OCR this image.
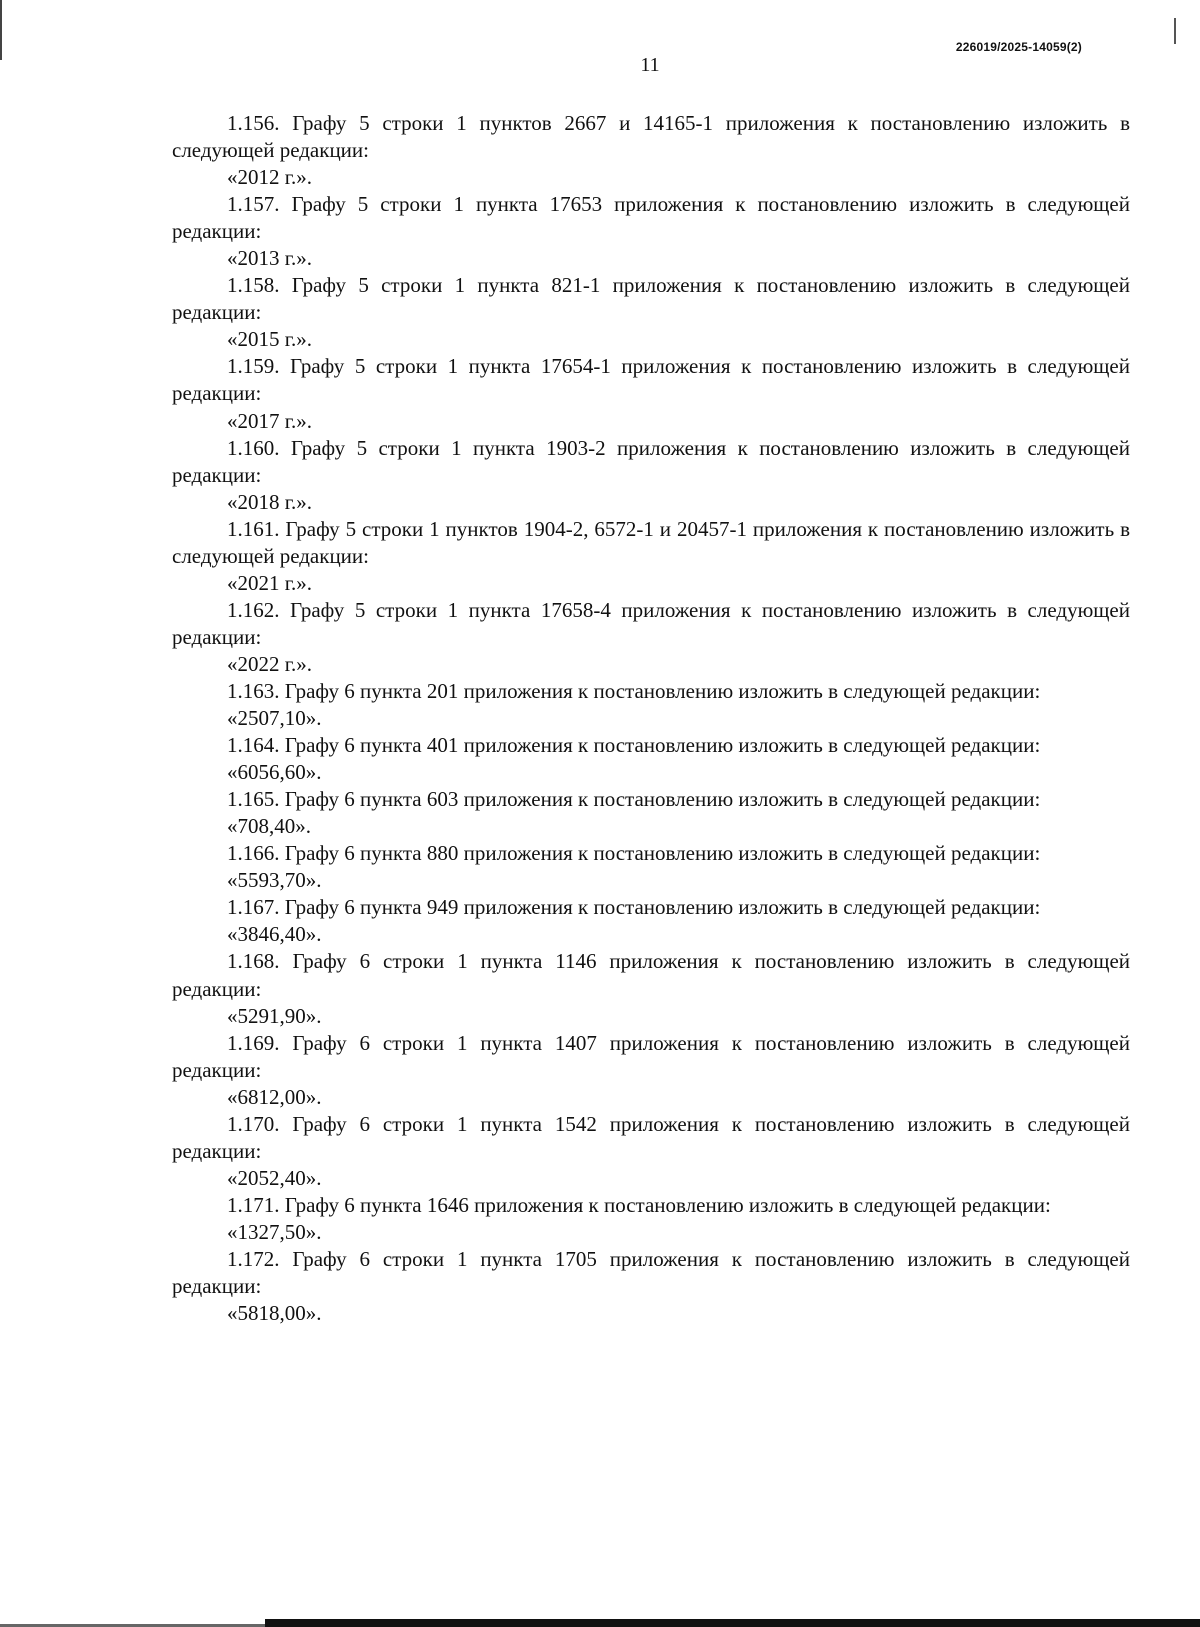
226019/2025-14059(2)
11

1.156. Графу 5 строки 1 пунктов 2667 и 14165-1 приложения к постановлению изложить в следующей редакции:

«2012 г.».

1.157. Графу 5 строки 1 пункта 17653 приложения к постановлению изложить в следующей редакции:

«2013 г.».

1.158. Графу 5 строки 1 пункта 821-1 приложения к постановлению изложить в следующей редакции:

«2015 г.».

1.159. Графу 5 строки 1 пункта 17654-1 приложения к постановлению изложить в следующей редакции:

«2017 г.».

1.160. Графу 5 строки 1 пункта 1903-2 приложения к постановлению изложить в следующей редакции:

«2018 г.».

1.161. Графу 5 строки 1 пунктов 1904-2, 6572-1 и 20457-1 приложения к постановлению изложить в следующей редакции:

«2021 г.».

1.162. Графу 5 строки 1 пункта 17658-4 приложения к постановлению изложить в следующей редакции:

«2022 г.».

1.163. Графу 6 пункта 201 приложения к постановлению изложить в следующей редакции:

«2507,10».

1.164. Графу 6 пункта 401 приложения к постановлению изложить в следующей редакции:

«6056,60».

1.165. Графу 6 пункта 603 приложения к постановлению изложить в следующей редакции:

«708,40».

1.166. Графу 6 пункта 880 приложения к постановлению изложить в следующей редакции:

«5593,70».

1.167. Графу 6 пункта 949 приложения к постановлению изложить в следующей редакции:

«3846,40».

1.168. Графу 6 строки 1 пункта 1146 приложения к постановлению изложить в следующей редакции:

«5291,90».

1.169. Графу 6 строки 1 пункта 1407 приложения к постановлению изложить в следующей редакции:

«6812,00».

1.170. Графу 6 строки 1 пункта 1542 приложения к постановлению изложить в следующей редакции:

«2052,40».

1.171. Графу 6 пункта 1646 приложения к постановлению изложить в следующей редакции:

«1327,50».

1.172. Графу 6 строки 1 пункта 1705 приложения к постановлению изложить в следующей редакции:

«5818,00».
